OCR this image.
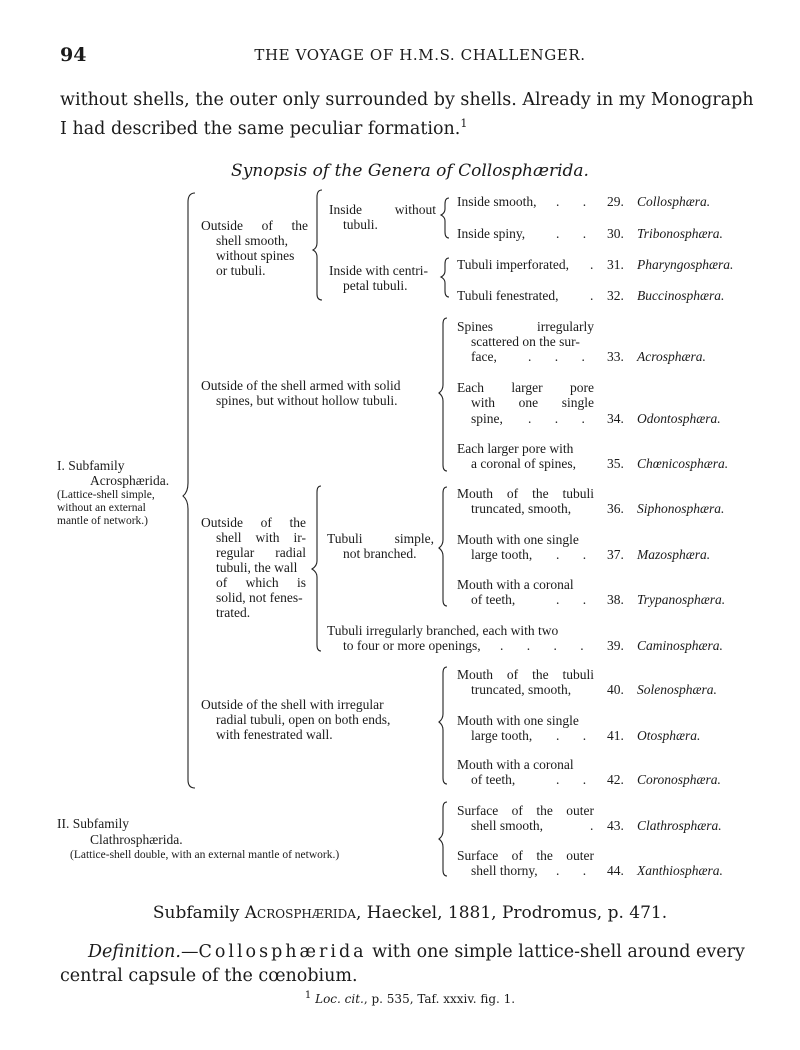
94	THE VOYAGE OF H.M.S. CHALLENGER.
without shells, the outer only surrounded by shells. Already in my Monograph I had described the same peculiar formation.$^1$
Synopsis of the Genera of Collosphærida.
I. Subfamily
Acrosphærida.
(Lattice-shell simple,
without an external
mantle of network.)
II. Subfamily
Clathrosphærida.
(Lattice-shell double, with an external mantle of network.)
Outside of the
shell smooth,
without spines
or tubuli.
Inside without
tubuli.
Inside with centri-
petal tubuli.
Outside of the shell armed with solid
spines, but without hollow tubuli.
Outside of the
shell with ir-
regular radial
tubuli, the wall
of which is
solid, not fenes-
trated.
Tubuli simple,
not branched.
Outside of the shell with irregular
radial tubuli, open on both ends,
with fenestrated wall.
Inside smooth,
Inside spiny,
Tubuli imperforated,
Tubuli fenestrated,
Spines irregularly
scattered on the sur-
face,
Each larger pore
with one single
spine,
Each larger pore with
a coronal of spines,
Mouth of the tubuli
truncated, smooth,
Mouth with one single
large tooth,
Mouth with a coronal
of teeth,
Tubuli irregularly branched, each with two
to four or more openings,
Mouth of the tubuli
truncated, smooth,
Mouth with one single
large tooth,
Mouth with a coronal
of teeth,
Surface of the outer
shell smooth,
Surface of the outer
shell thorny,
. .
. .
.
.
. . .
. . .
. .
. .
. . . .
. .
. .
.
. .
29. Collosphæra.
30. Tribonosphæra.
31. Pharyngosphæra.
32. Buccinosphæra.
33. Acrosphæra.
34. Odontosphæra.
35. Chœnicosphæra.
36. Siphonosphæra.
37. Mazosphæra.
38. Trypanosphæra.
39. Caminosphæra.
40. Solenosphæra.
41. Otosphæra.
42. Coronosphæra.
43. Clathrosphæra.
44. Xanthiosphæra.
Subfamily Acrosphærida, Haeckel, 1881, Prodromus, p. 471.
Definition.—Collosphærida with one simple lattice-shell around every central capsule of the cœnobium.
$^1$ Loc. cit., p. 535, Taf. xxxiv. fig. 1.
